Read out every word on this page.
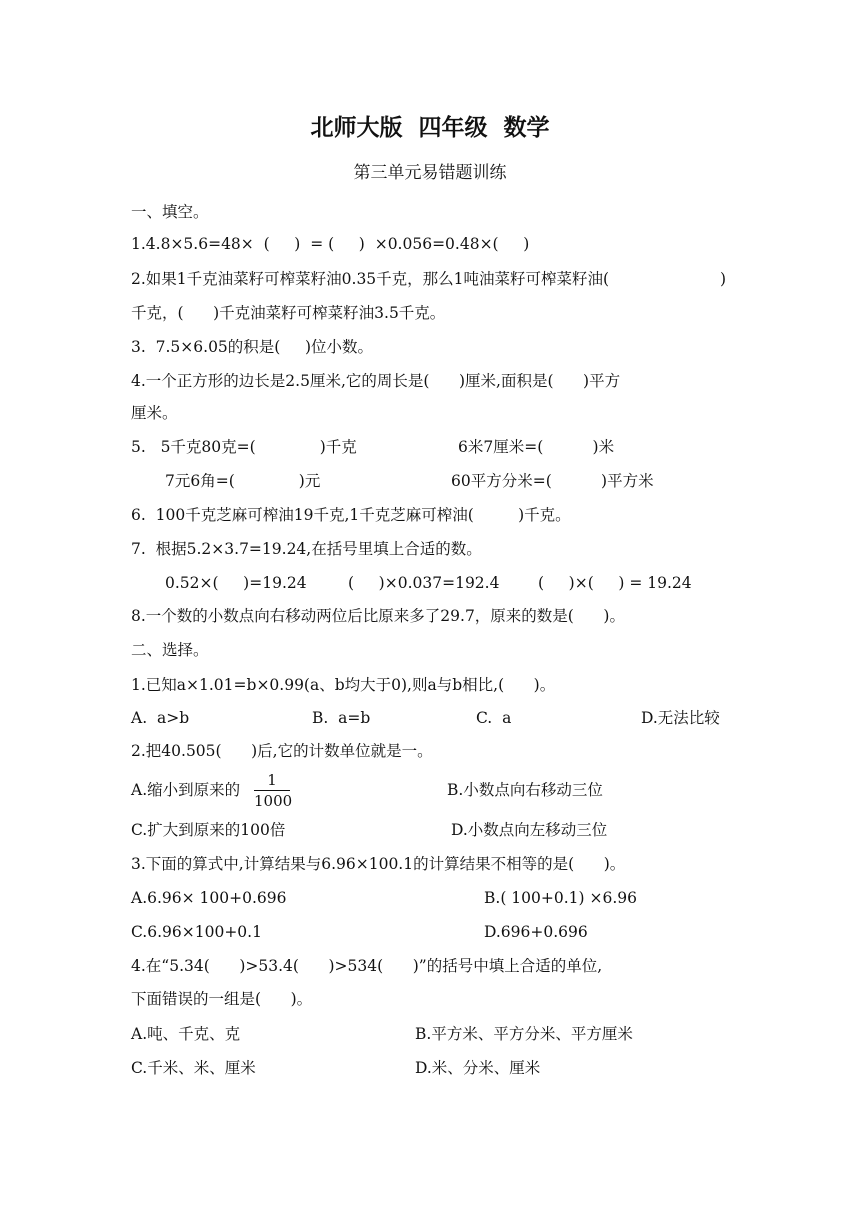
北师大版  四年级  数学
第三单元易错题训练
一、填空。
1.4.8×5.6=48×  (     )  = (     )  ×0.056=0.48×(     )
2.如果1千克油菜籽可榨菜籽油0.35千克，那么1吨油菜籽可榨菜籽油(	)
千克，(      )千克油菜籽可榨菜籽油3.5千克。
3.  7.5×6.05的积是(     )位小数。
4.一个正方形的边长是2.5厘米,它的周长是(      )厘米,面积是(      )平方
厘米。
5.   5千克80克=(             )千克	6米7厘米=(          )米
7元6角=(             )元	60平方分米=(          )平方米
6.  100千克芝麻可榨油19千克,1千克芝麻可榨油(         )千克。
7.  根据5.2×3.7=19.24,在括号里填上合适的数。
0.52×(     )=19.24	(     )×0.037=192.4 (     )×(     ) = 19.24
8.一个数的小数点向右移动两位后比原来多了29.7，原来的数是(      )。
二、选择。
1.已知a×1.01=b×0.99(a、b均大于0),则a与b相比,(      )。
A.  a>b	B.  a=b	C.  a	D.无法比较
2.把40.505(      )后,它的计数单位就是一。
A.缩小到原来的 $\frac{1}{1000}$	B.小数点向右移动三位
C.扩大到原来的100倍	D.小数点向左移动三位
3.下面的算式中,计算结果与6.96×100.1的计算结果不相等的是(      )。
A.6.96× 100+0.696	B.( 100+0.1) ×6.96
C.6.96×100+0.1	D.696+0.696
4.在“5.34(      )>53.4(      )>534(      )”的括号中填上合适的单位,
下面错误的一组是(      )。
A.吨、千克、克	B.平方米、平方分米、平方厘米
C.千米、米、厘米	D.米、分米、厘米
